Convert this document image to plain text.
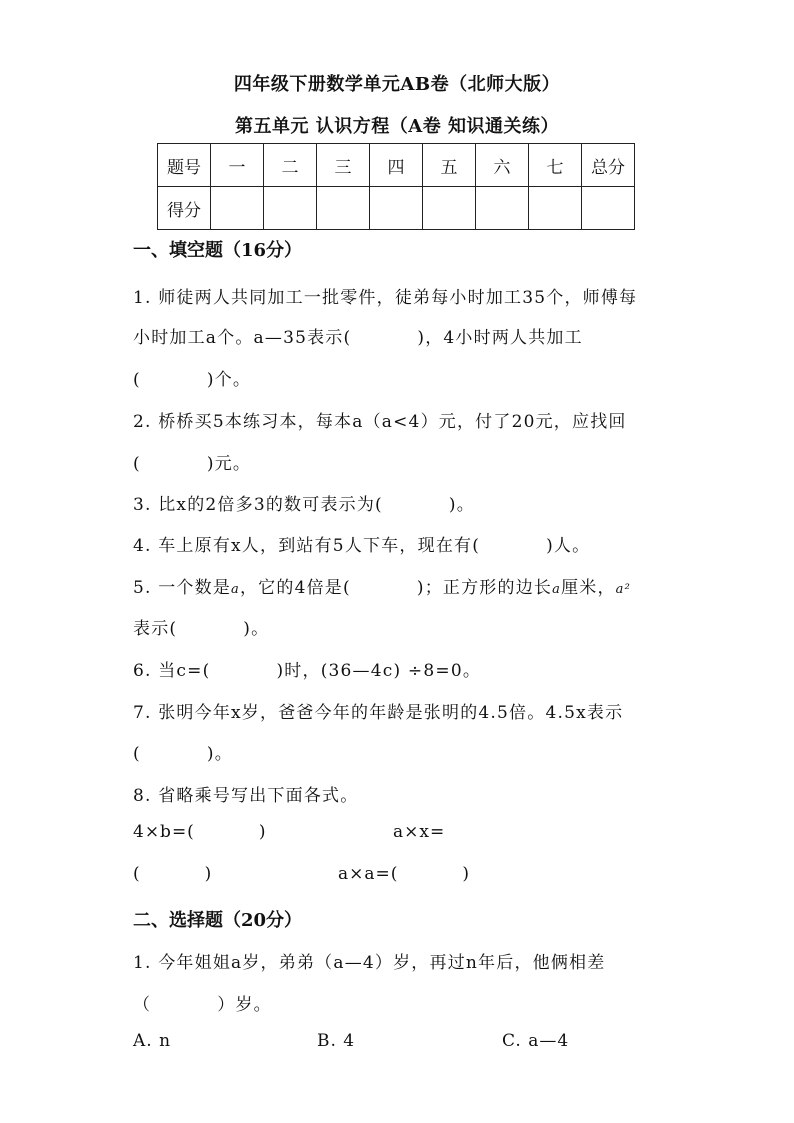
四年级下册数学单元AB卷（北师大版）
第五单元 认识方程（A卷 知识通关练）
题号	一	二	三	四	五	六	七	总分
得分								
一、填空题（16分）
1. 师徒两人共同加工一批零件，徒弟每小时加工35个，师傅每
小时加工a个。a—35表示(          )，4小时两人共加工
(          )个。
2. 桥桥买5本练习本，每本a（a<4）元，付了20元，应找回
(          )元。
3. 比x的2倍多3的数可表示为(          )。
4. 车上原有x人，到站有5人下车，现在有(          )人。
5. 一个数是a，它的4倍是(          )；正方形的边长a厘米，a²
表示(          )。
6. 当c=(          )时，(36—4c) ÷8=0。
7. 张明今年x岁，爸爸今年的年龄是张明的4.5倍。4.5x表示
(          )。
8. 省略乘号写出下面各式。
4×b=(          )	a×x=
(          )	a×a=(          )
二、选择题（20分）
1. 今年姐姐a岁，弟弟（a—4）岁，再过n年后，他俩相差
（          ）岁。
A. n	B. 4	C. a—4
